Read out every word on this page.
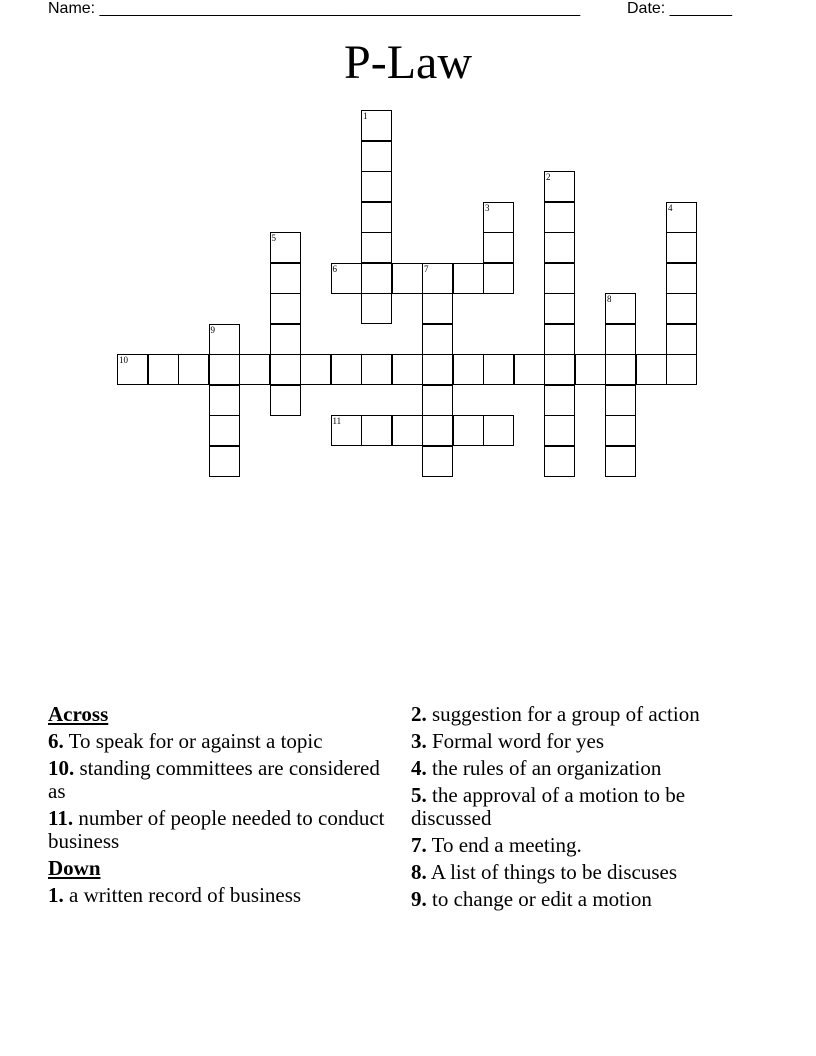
Name: ______________________________________________________	Date: _______
P-Law
1
2
3	4
5
6	7
8
9
10
11
Across
6. To speak for or against a topic
10. standing committees are considered as
11. number of people needed to conduct business
Down
1. a written record of business
2. suggestion for a group of action
3. Formal word for yes
4. the rules of an organization
5. the approval of a motion to be discussed
7. To end a meeting.
8. A list of things to be discuses
9. to change or edit a motion
